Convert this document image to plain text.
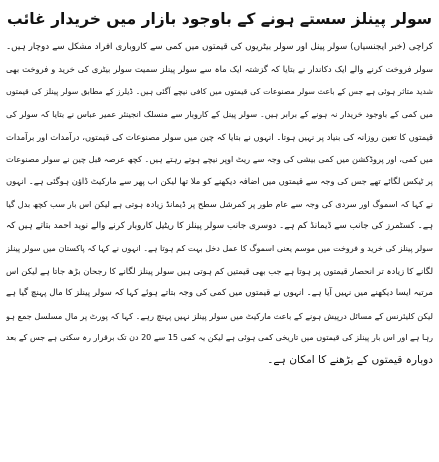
سولر پینلز سستے ہونے کے باوجود بازار میں خریدار غائب
کراچی (خبر ایجنسیاں) سولر پینل اور سولر بیٹریوں کی قیمتوں میں کمی سے کاروباری افراد مشکل سے دوچار ہیں۔
سولر فروخت کرنے والے ایک دکاندار نے بتایا کہ گزشتہ ایک ماہ سے سولر پینلز سمیت سولر بیٹری کی خرید و فروخت بھی
شدید متاثر ہوئی ہے جس کے باعث سولر مصنوعات کی قیمتوں میں کافی نیچے آگئی ہیں۔ ڈیلرز کے مطابق سولر پینلز کی قیمتوں
میں کمی کے باوجود خریدار نہ ہونے کے برابر ہیں۔ سولر پینل کے کاروبار سے منسلک انجینئر عمیر عباس نے بتایا کہ سولر کی
قیمتوں کا تعین روزانہ کی بنیاد پر نہیں ہوتا۔ انہوں نے بتایا کہ چین میں سولر مصنوعات کی قیمتوں، درآمدات اور برآمدات
میں کمی، اور پروڈکشن میں کمی بیشی کی وجہ سے ریٹ اوپر نیچے ہوتے رہتے ہیں۔ کچھ عرصہ قبل چین نے سولر مصنوعات
پر ٹیکس لگائے تھے جس کی وجہ سے قیمتوں میں اضافہ دیکھنے کو ملا تھا لیکن اب پھر سے مارکیٹ ڈاؤن ہوگئی ہے۔ انہوں
نے کہا کہ اسموگ اور سردی کی وجہ سے عام طور پر کمرشل سطح پر ڈیمانڈ زیادہ ہوتی ہے لیکن اس بار سب کچھ بدل گیا
ہے۔ کسٹمرز کی جانب سے ڈیمانڈ کم ہے۔ دوسری جانب سولر پینلز کا ریٹیل کاروبار کرنے والے نوید احمد بتاتے ہیں کہ
سولر پینلز کی خرید و فروخت میں موسم یعنی اسموگ کا عمل دخل بہت کم ہوتا ہے۔ انہوں نے کہا کہ پاکستان میں سولر پینلز
لگانے کا زیادہ تر انحصار قیمتوں پر ہوتا ہے جب بھی قیمتیں کم ہوتی ہیں سولر پینلز لگانے کا رجحان بڑھ جاتا ہے لیکن اس
مرتبہ ایسا دیکھنے میں نہیں آیا ہے۔ انہوں نے قیمتوں میں کمی کی وجہ بتاتے ہوئے کہا کہ سولر پینلز کا مال پہنچ گیا ہے
لیکن کلیئرنس کے مسائل درپیش ہونے کے باعث مارکیٹ میں سولر پینلز نہیں پہنچ رہے۔ کہا کہ پورٹ پر مال مسلسل جمع ہو
رہا ہے اور اس بار پینلز کی قیمتوں میں تاریخی کمی ہوئی ہے لیکن یہ کمی 15 سے 20 دن تک برقرار رہ سکتی ہے جس کے بعد
دوبارہ قیمتوں کے بڑھنے کا امکان ہے۔
